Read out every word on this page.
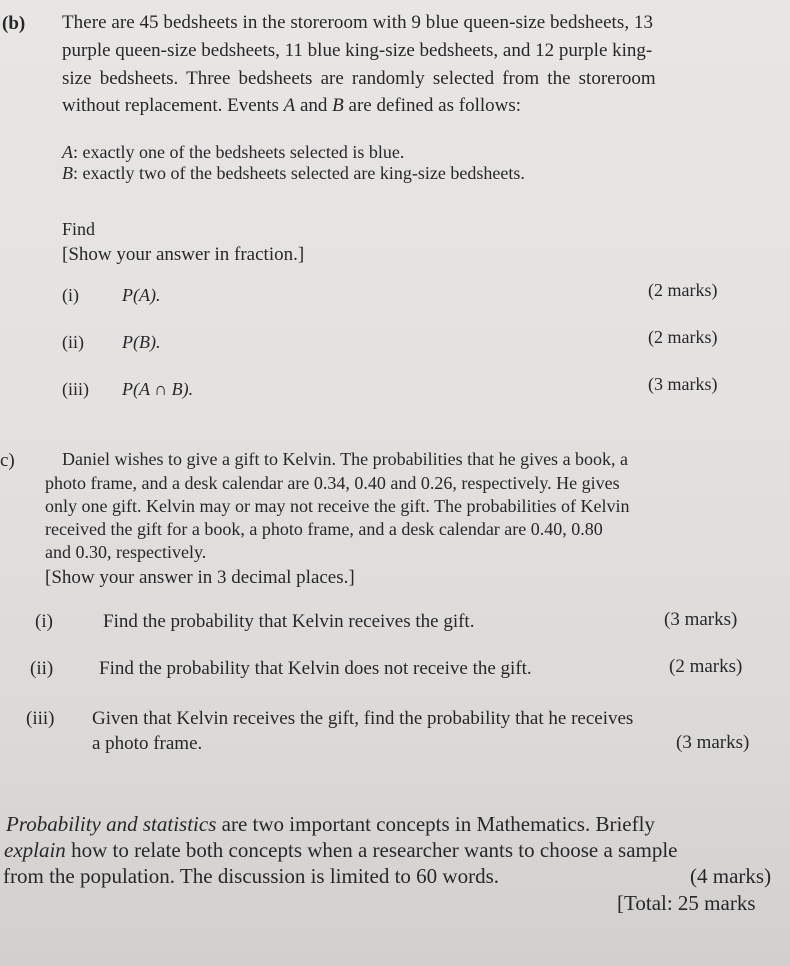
(b) There are 45 bedsheets in the storeroom with 9 blue queen-size bedsheets, 13
purple queen-size bedsheets, 11 blue king-size bedsheets, and 12 purple king-
size bedsheets. Three bedsheets are randomly selected from the storeroom
without replacement. Events A and B are defined as follows:
A: exactly one of the bedsheets selected is blue.
B: exactly two of the bedsheets selected are king-size bedsheets.
Find
[Show your answer in fraction.]
(i) P(A).	(2 marks)
(ii) P(B).	(2 marks)
(iii) P(A ∩ B).	(3 marks)
c)	Daniel wishes to give a gift to Kelvin. The probabilities that he gives a book, a
photo frame, and a desk calendar are 0.34, 0.40 and 0.26, respectively. He gives
only one gift. Kelvin may or may not receive the gift. The probabilities of Kelvin
received the gift for a book, a photo frame, and a desk calendar are 0.40, 0.80
and 0.30, respectively.
[Show your answer in 3 decimal places.]
(i)	Find the probability that Kelvin receives the gift.	(3 marks)
(ii) Find the probability that Kelvin does not receive the gift.	(2 marks)
(iii) Given that Kelvin receives the gift, find the probability that he receives
a photo frame.	(3 marks)
Probability and statistics are two important concepts in Mathematics. Briefly
explain how to relate both concepts when a researcher wants to choose a sample
from the population. The discussion is limited to 60 words.	(4 marks)
[Total: 25 marks
